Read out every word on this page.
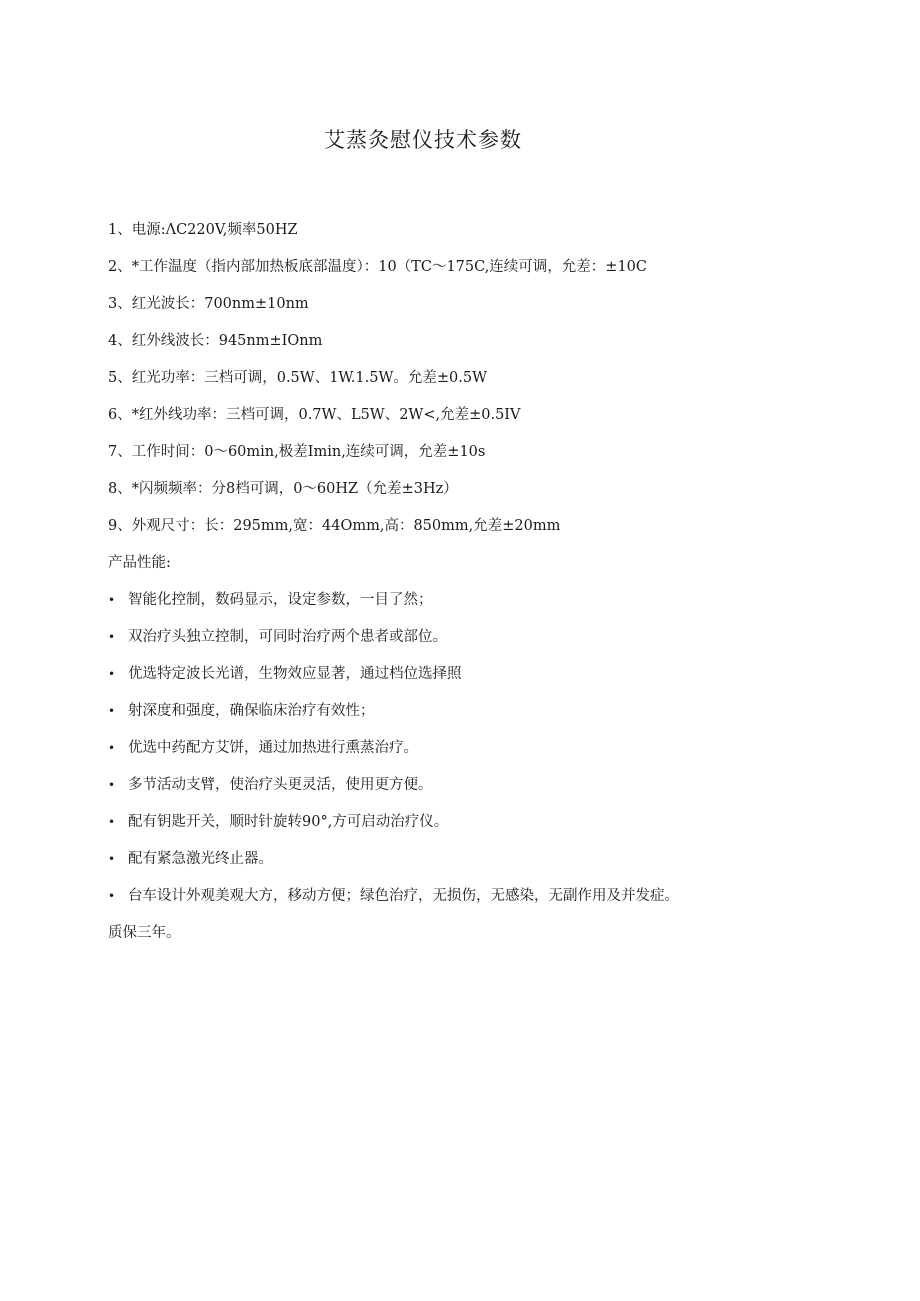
艾蒸灸慰仪技术参数
1、电源:ΛC220V,频率50HZ
2、*工作温度（指内部加热板底部温度）：10（TC～175C,连续可调，允差：±10C
3、红光波长：700nm±10nm
4、红外线波长：945nm±IOnm
5、红光功率：三档可调，0.5W、1W.1.5W。允差±0.5W
6、*红外线功率：三档可调，0.7W、L5W、2W<,允差±0.5IV
7、工作时间：0～60min,极差Imin,连续可调，允差±10s
8、*闪频频率：分8档可调，0～60HZ（允差±3Hz）
9、外观尺寸：长：295mm,宽：44Omm,高：850mm,允差±20mm
产品性能:
• 智能化控制，数码显示，设定参数，一目了然；
• 双治疗头独立控制，可同时治疗两个患者或部位。
• 优选特定波长光谱，生物效应显著，通过档位选择照
• 射深度和强度，确保临床治疗有效性；
• 优选中药配方艾饼，通过加热进行熏蒸治疗。
• 多节活动支臂，使治疗头更灵活，使用更方便。
• 配有钥匙开关，顺时针旋转90°,方可启动治疗仪。
• 配有紧急激光终止器。
• 台车设计外观美观大方，移动方便；绿色治疗，无损伤，无感染，无副作用及并发症。
质保三年。
